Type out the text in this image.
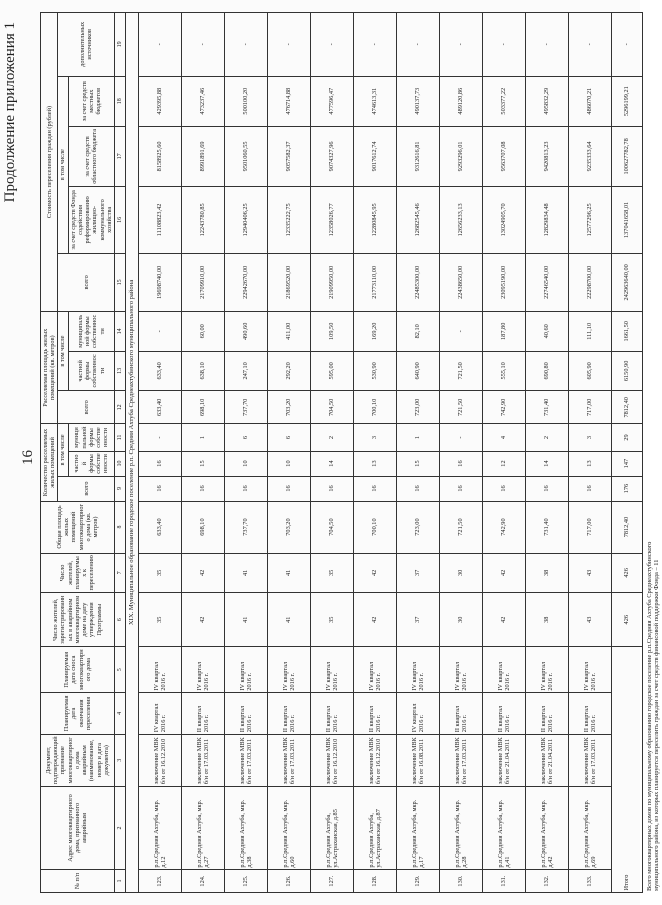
Продолжение приложения 1
16
№ п/п	Адрес многоквартирного дома, признанного аварийным	Документ, подтверждающий признание многоквартирного дома аварийным (наименование, номер и дата документа)	Планируемая дата окончания переселения	Планируемая дата сноса многоквартирного дома	Число жителей, зарегистрированных в аварийном многоквартирном доме на дату утверждения Программы	Число жителей, планируемых к переселению	Общая площадь жилых помещений многоквартирного дома (кв. метров)	Количество расселяемых жилых помещений			Расселяемая площадь жилых помещений (кв. метров)			Стоимость переселения граждан (рублей)				
								всего	в том числе		всего	в том числе		всего	в том числе			дополнительных источников
									частной формы собственности	муниципальной формы собственности		частной формы собственности	муниципальной формы собственности		за счет средств Фонда содействия реформированию жилищно-коммунального хозяйства	за счет средств областного бюджета	за счет средств местных бюджетов	
1	2	3	4	5	6	7	8	9	10	11	12	13	14	15	16	17	18	19
XIX. Муниципальное образование городское поселение р.п. Средняя Ахтуба Среднеахтубинского муниципального района																		
123.	р.п.Средняя Ахтуба, мкр. д.12	заключение МВК б/н от 16.12.2010	IV квартал 2016 г.	IV квартал 2016 г.	35	35	633,40	16	16	-	633,40	633,40	-	19698740,00	11108823,42	8158925,60	429395,88	-
124.	р.п.Средняя Ахтуба, мкр. д.27	заключение МВК б/н от 17.03.2011	II квартал 2016 г.	IV квартал 2016 г.	42	42	698,10	16	15	1	698,10	638,10	60,00	21709910,00	12243780,85	8991891,69	473237,46	-
125.	р.п.Средняя Ахтуба, мкр. д.38	заключение МВК б/н от 17.03.2011	II квартал 2016 г.	IV квартал 2016 г.	41	41	737,70	16	10	6	737,70	247,10	490,60	22942670,00	12940406,25	9501060,55	500100,20	-
126.	р.п.Средняя Ахтуба, мкр. д.60	заключение МВК б/н от 17.03.2011	II квартал 2016 г.	IV квартал 2016 г.	41	41	703,20	16	10	6	703,20	292,20	411,00	21869520,00	12335222,75	9057582,37	476714,88	-
127.	р.п.Средняя Ахтуба, ул.Астраханская, д.85	заключение МВК б/н от 16.12.2010	II квартал 2016 г.	IV квартал 2016 г.	35	35	704,50	16	14	2	704,50	595,00	109,50	21909950,00	12358026,77	9074327,96	477596,47	-
128.	р.п.Средняя Ахтуба, ул.Астраханская, д.87	заключение МВК б/н от 16.12.2010	II квартал 2016 г.	IV квартал 2016 г.	42	42	700,10	16	13	3	700,10	530,90	169,20	21773110,00	12280845,95	9017612,74	474613,31	-
129.	р.п.Средняя Ахтуба, мкр. д.17	заключение МВК б/н от 16.08.2011	IV квартал 2016 г.	IV квартал 2016 г.	37	37	723,00	16	15	1	723,00	640,90	82,10	22485300,00	12682545,46	9312616,81	490137,73	-
130.	р.п.Средняя Ахтуба, мкр. д.28	заключение МВК б/н от 17.03.2011	II квартал 2016 г.	IV квартал 2016 г.	30	30	721,50	16	16	-	721,50	721,50	-	22438650,00	12656233,13	9293296,01	489120,86	-
131.	р.п.Средняя Ахтуба, мкр. д.41	заключение МВК б/н от 21.04.2011	II квартал 2016 г.	IV квартал 2016 г.	42	42	742,90	16	12	4	742,90	555,10	187,80	23095190,00	13024905,70	9563707,08	503377,22	-
132.	р.п.Средняя Ахтуба, мкр. д.42	заключение МВК б/н от 21.04.2011	II квартал 2016 г.	IV квартал 2016 г.	38	38	731,40	16	14	2	731,40	690,80	40,60	22746540,00	12829834,48	9420813,23	495832,29	-
133.	р.п.Средняя Ахтуба, мкр. д.69	заключение МВК б/н от 17.03.2011	II квартал 2016 г.	IV квартал 2016 г.	43	43	717,00	16	13	3	717,00	605,90	111,10	22298700,00	12577296,25	9235333,64	486070,21	-
Итого					426	426	7812,40	176	147	29	7812,40	6150,90	1661,50	242963640,00	137041658,01	100627782,78	5296199,21	-
Всего многоквартирных домов по муниципальному образованию городское поселение р.п.Средняя Ахтуба Среднеахтубинского муниципального района, из которых планируется переселить граждан за счет средств финансовой поддержки Фонда – 11																		
